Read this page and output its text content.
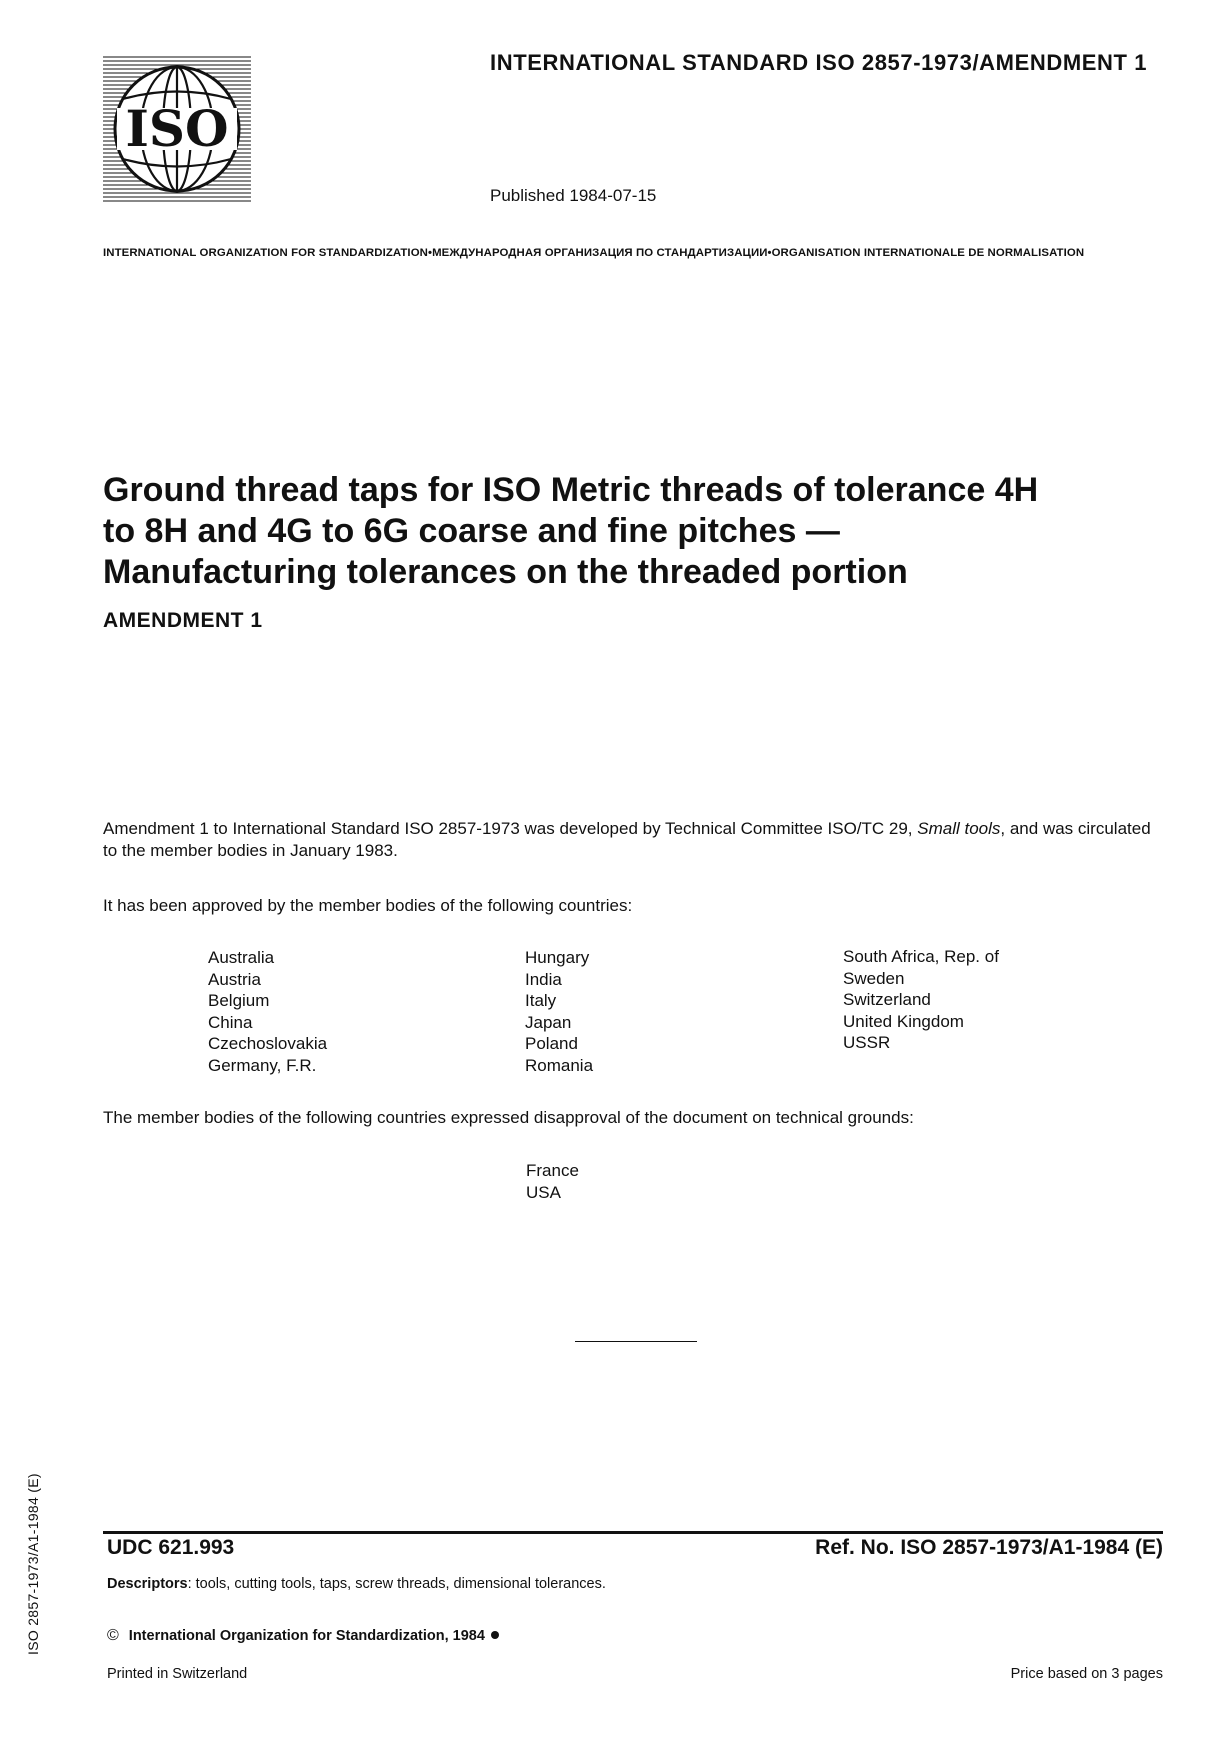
ISO
INTERNATIONAL STANDARD ISO 2857-1973/AMENDMENT 1
Published 1984-07-15
INTERNATIONAL ORGANIZATION FOR STANDARDIZATION•МЕЖДУНАРОДНАЯ ОРГАНИЗАЦИЯ ПО СТАНДАРТИЗАЦИИ•ORGANISATION INTERNATIONALE DE NORMALISATION
Ground thread taps for ISO Metric threads of tolerance 4H
to 8H and 4G to 6G coarse and fine pitches —
Manufacturing tolerances on the threaded portion
AMENDMENT 1
Amendment 1 to International Standard ISO 2857-1973 was developed by Technical Committee ISO/TC 29, Small tools, and was circulated to the member bodies in January 1983.
It has been approved by the member bodies of the following countries:
Australia
Austria
Belgium
China
Czechoslovakia
Germany, F.R.
Hungary
India
Italy
Japan
Poland
Romania
South Africa, Rep. of
Sweden
Switzerland
United Kingdom
USSR
The member bodies of the following countries expressed disapproval of the document on technical grounds:
France
USA
UDC 621.993	Ref. No. ISO 2857-1973/A1-1984 (E)
Descriptors: tools, cutting tools, taps, screw threads, dimensional tolerances.
© International Organization for Standardization, 1984
Printed in Switzerland	Price based on 3 pages
ISO 2857-1973/A1-1984 (E)
